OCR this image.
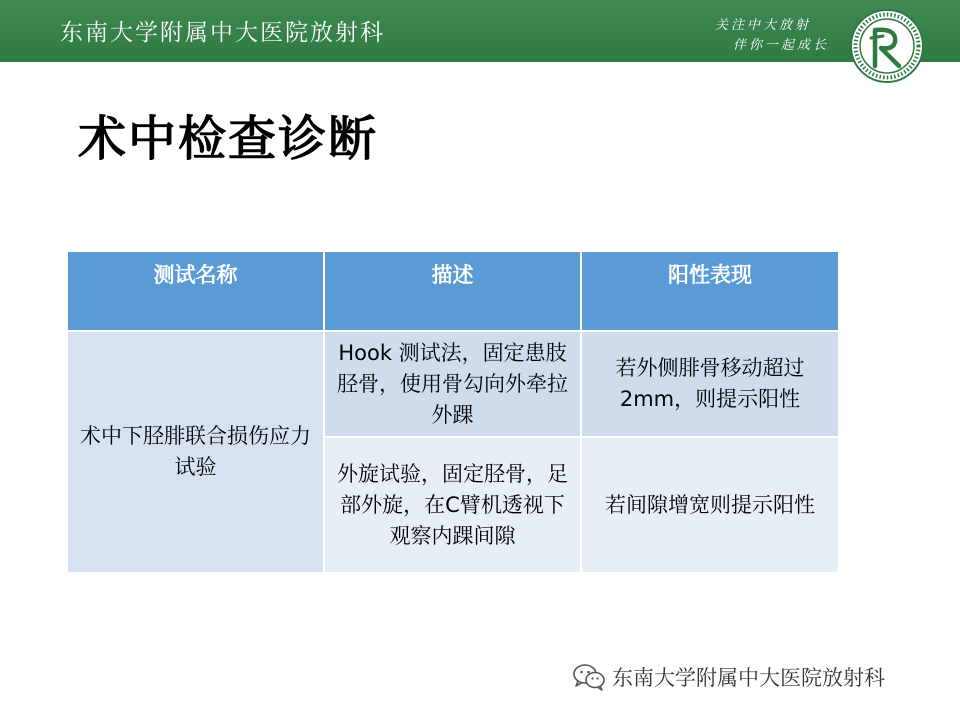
东南大学附属中大医院放射科	关注中大放射
伴你一起成长
术中检查诊断
测试名称	描述	阳性表现
术中下胫腓联合损伤应力试验	Hook 测试法，固定患肢胫骨，使用骨勾向外牵拉外踝	若外侧腓骨移动超过2mm，则提示阳性
	外旋试验，固定胫骨，足部外旋，在C臂机透视下观察内踝间隙	若间隙增宽则提示阳性
东南大学附属中大医院放射科
